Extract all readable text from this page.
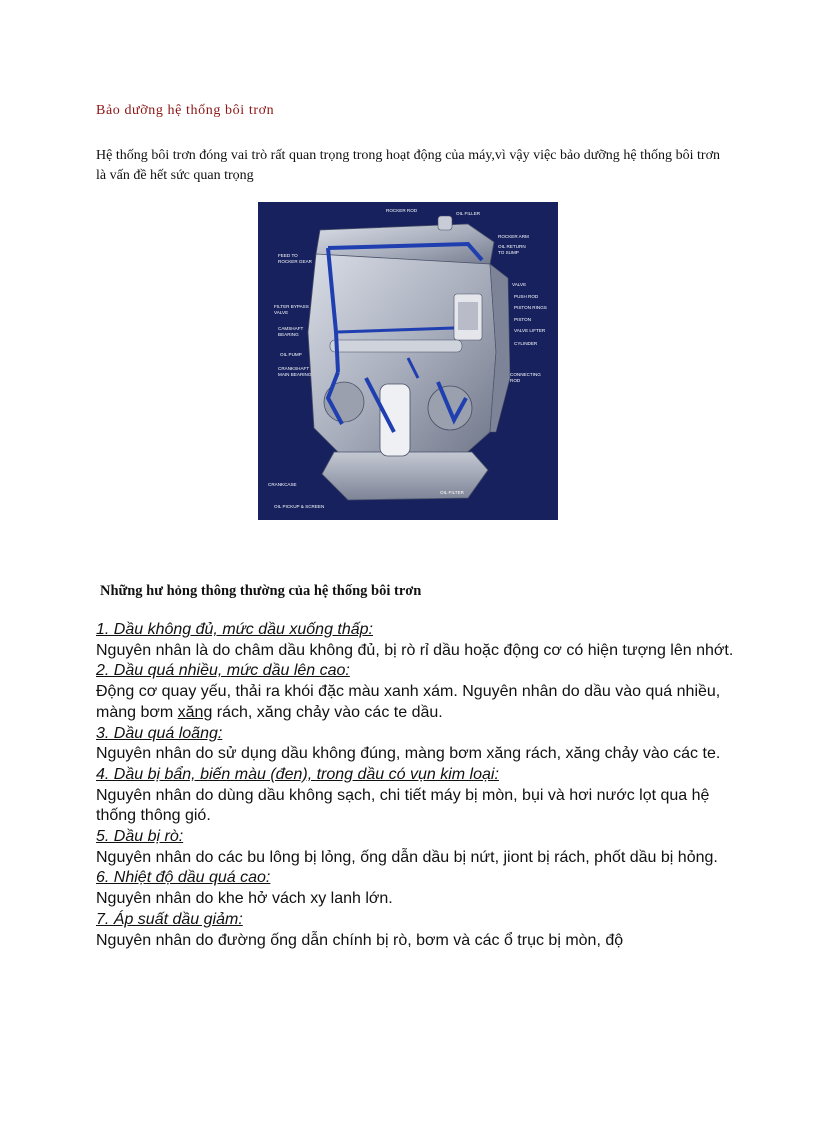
Bảo dưỡng hệ thống bôi trơn
Hệ thống bôi trơn đóng vai trò rất quan trọng trong hoạt động của máy,vì vậy việc bảo dưỡng hệ thống bôi trơn là vấn đề hết sức quan trọng
ROCKER ROD
OIL FILLER
ROCKER ARM
OIL RETURN
TO SUMP
FEED TO
ROCKER GEAR
VALVE
PUSH ROD
PISTON RINGS
PISTON
FILTER BYPASS
VALVE
VALVE LIFTER
CAMSHAFT
BEARING
CYLINDER
OIL PUMP
CRANKSHAFT
MAIN BEARING	CONNECTING
ROD
CRANKCASE
OIL FILTER
OIL PICKUP & SCREEN
Những hư hỏng thông thường của hệ thống bôi trơn
1. Dầu không đủ, mức dầu xuống thấp:
Nguyên nhân là do châm dầu không đủ, bị rò rỉ dầu hoặc động cơ có hiện tượng lên nhớt.
2. Dầu quá nhiều, mức dầu lên cao:
Động cơ quay yếu, thải ra khói đặc màu xanh xám. Nguyên nhân do dầu vào quá nhiều, màng bơm xăng rách, xăng chảy vào các te dầu.
3. Dầu quá loãng:
Nguyên nhân do sử dụng dầu không đúng, màng bơm xăng rách, xăng chảy vào các te.
4. Dầu bị bẩn, biến màu (đen), trong dầu có vụn kim loại:
Nguyên nhân do dùng dầu không sạch, chi tiết máy bị mòn, bụi và hơi nước lọt qua hệ thống thông gió.
5. Dầu bị rò:
Nguyên nhân do các bu lông bị lỏng, ống dẫn dầu bị nứt, jiont bị rách, phốt dầu bị hỏng.
6. Nhiệt độ dầu quá cao:
Nguyên nhân do khe hở vách xy lanh lớn.
7. Áp suất dầu giảm:
Nguyên nhân do đường ống dẫn chính bị rò, bơm và các ổ trục bị mòn, độ
